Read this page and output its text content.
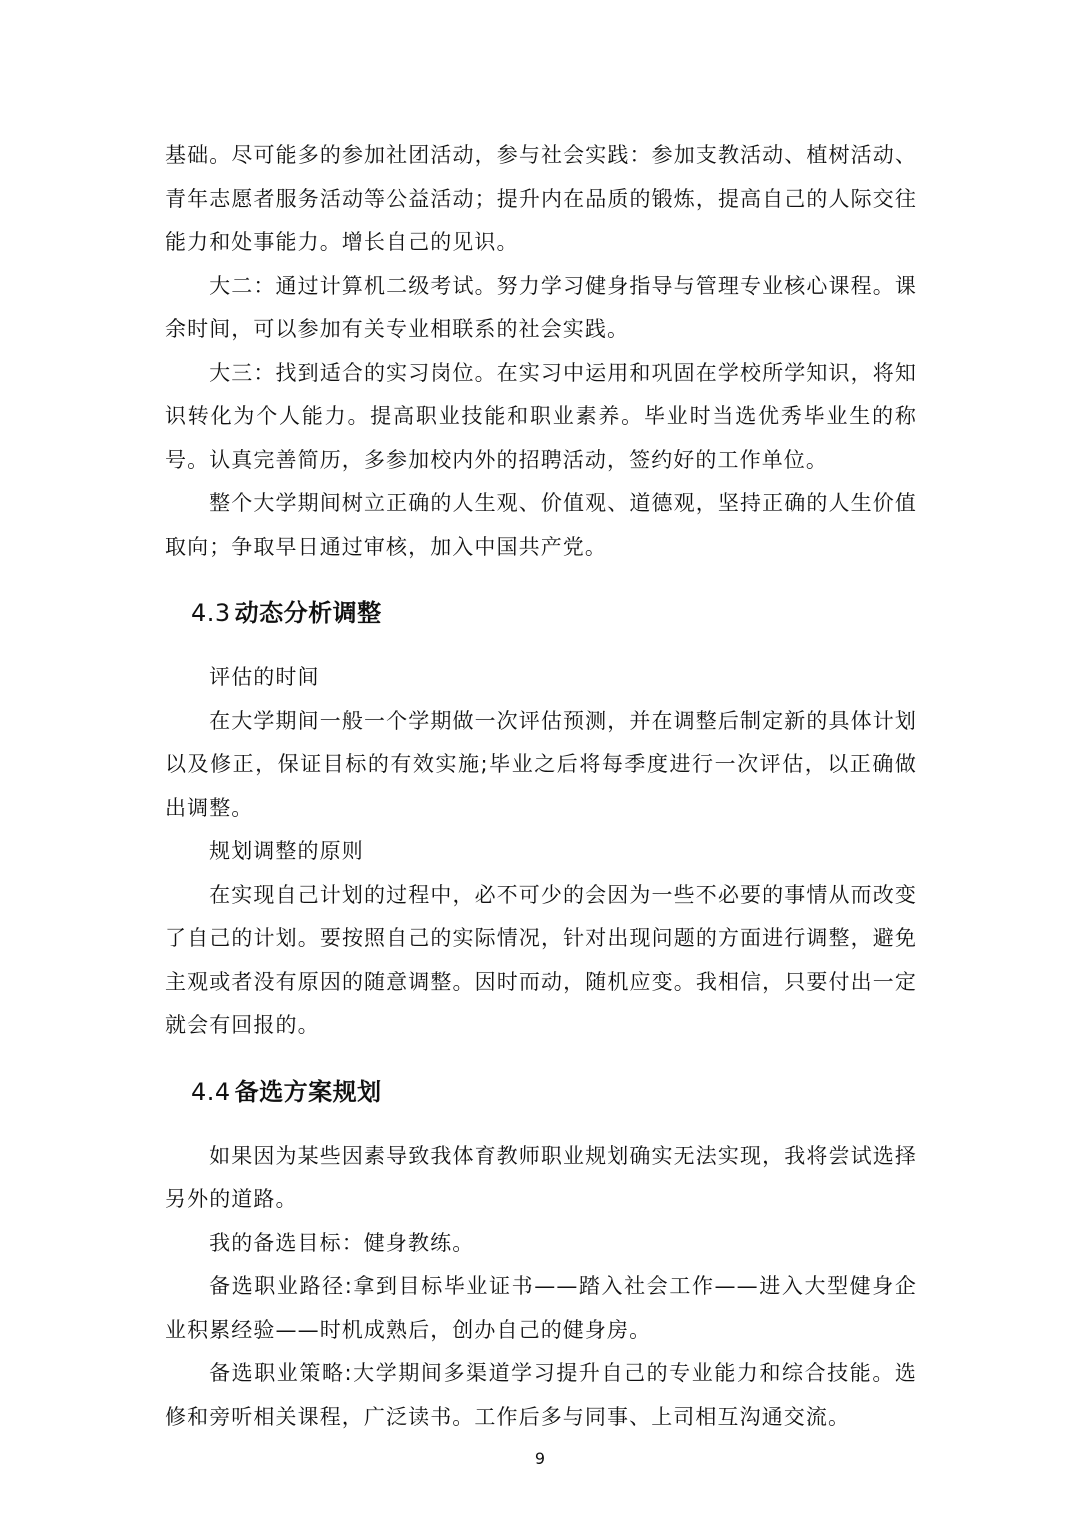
基础。尽可能多的参加社团活动，参与社会实践：参加支教活动、植树活动、青年志愿者服务活动等公益活动；提升内在品质的锻炼，提高自己的人际交往能力和处事能力。增长自己的见识。

大二：通过计算机二级考试。努力学习健身指导与管理专业核心课程。课余时间，可以参加有关专业相联系的社会实践。

大三：找到适合的实习岗位。在实习中运用和巩固在学校所学知识，将知识转化为个人能力。提高职业技能和职业素养。毕业时当选优秀毕业生的称号。认真完善简历，多参加校内外的招聘活动，签约好的工作单位。

整个大学期间树立正确的人生观、价值观、道德观，坚持正确的人生价值取向；争取早日通过审核，加入中国共产党。

4.3 动态分析调整

评估的时间

在大学期间一般一个学期做一次评估预测，并在调整后制定新的具体计划以及修正，保证目标的有效实施;毕业之后将每季度进行一次评估，以正确做出调整。

规划调整的原则

在实现自己计划的过程中，必不可少的会因为一些不必要的事情从而改变了自己的计划。要按照自己的实际情况，针对出现问题的方面进行调整，避免主观或者没有原因的随意调整。因时而动，随机应变。我相信，只要付出一定就会有回报的。

4.4 备选方案规划

如果因为某些因素导致我体育教师职业规划确实无法实现，我将尝试选择另外的道路。

我的备选目标：健身教练。

备选职业路径:拿到目标毕业证书——踏入社会工作——进入大型健身企业积累经验——时机成熟后，创办自己的健身房。

备选职业策略:大学期间多渠道学习提升自己的专业能力和综合技能。选修和旁听相关课程，广泛读书。工作后多与同事、上司相互沟通交流。

9
